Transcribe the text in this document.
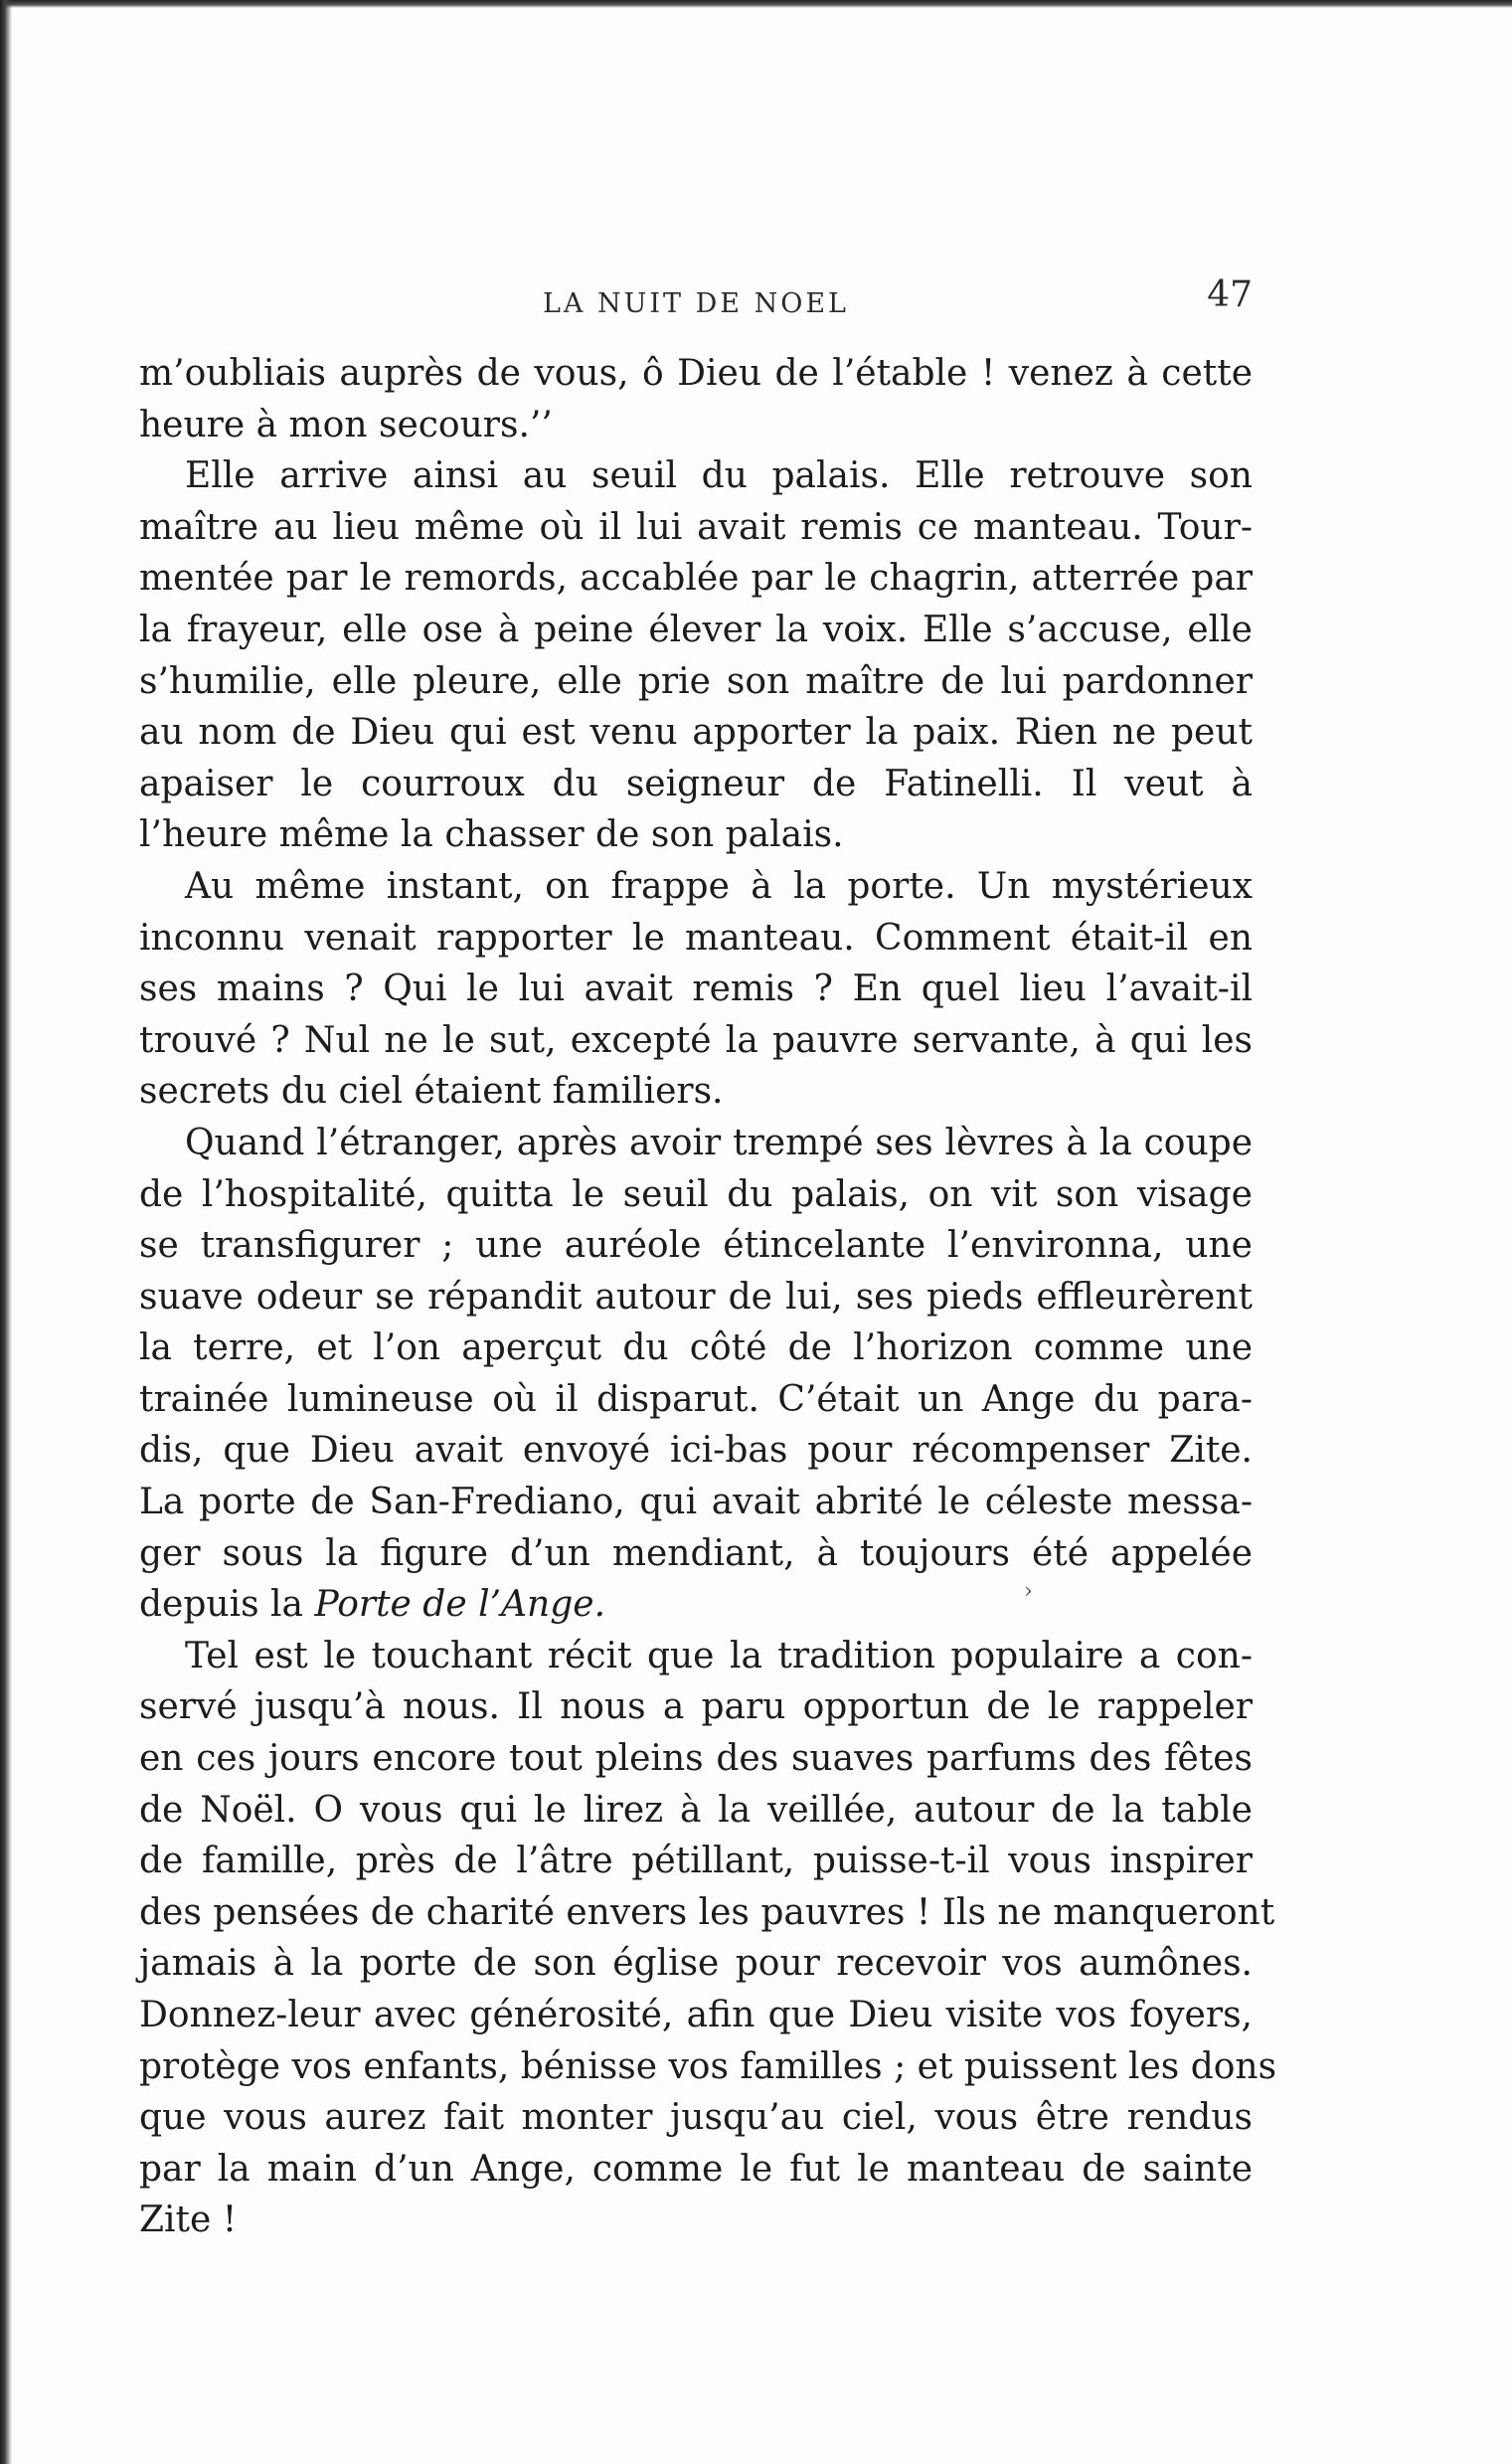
LA NUIT DE NOEL	47
m’oubliais auprès de vous, ô Dieu de l’étable ! venez à cette
heure à mon secours.’’
Elle arrive ainsi au seuil du palais. Elle retrouve son
maître au lieu même où il lui avait remis ce manteau. Tour-
mentée par le remords, accablée par le chagrin, atterrée par
la frayeur, elle ose à peine élever la voix. Elle s’accuse, elle
s’humilie, elle pleure, elle prie son maître de lui pardonner
au nom de Dieu qui est venu apporter la paix. Rien ne peut
apaiser le courroux du seigneur de Fatinelli. Il veut à
l’heure même la chasser de son palais.
Au même instant, on frappe à la porte. Un mystérieux
inconnu venait rapporter le manteau. Comment était-il en
ses mains ? Qui le lui avait remis ? En quel lieu l’avait-il
trouvé ? Nul ne le sut, excepté la pauvre servante, à qui les
secrets du ciel étaient familiers.
Quand l’étranger, après avoir trempé ses lèvres à la coupe
de l’hospitalité, quitta le seuil du palais, on vit son visage
se transfigurer ; une auréole étincelante l’environna, une
suave odeur se répandit autour de lui, ses pieds effleurèrent
la terre, et l’on aperçut du côté de l’horizon comme une
trainée lumineuse où il disparut. C’était un Ange du para-
dis, que Dieu avait envoyé ici-bas pour récompenser Zite.
La porte de San-Frediano, qui avait abrité le céleste messa-
ger sous la figure d’un mendiant, à toujours été appelée
depuis la Porte de l’Ange.
Tel est le touchant récit que la tradition populaire a con-
servé jusqu’à nous. Il nous a paru opportun de le rappeler
en ces jours encore tout pleins des suaves parfums des fêtes
de Noël. O vous qui le lirez à la veillée, autour de la table
de famille, près de l’âtre pétillant, puisse-t-il vous inspirer
des pensées de charité envers les pauvres ! Ils ne manqueront
jamais à la porte de son église pour recevoir vos aumônes.
Donnez-leur avec générosité, afin que Dieu visite vos foyers,
protège vos enfants, bénisse vos familles ; et puissent les dons
que vous aurez fait monter jusqu’au ciel, vous être rendus
par la main d’un Ange, comme le fut le manteau de sainte
Zite !
›
